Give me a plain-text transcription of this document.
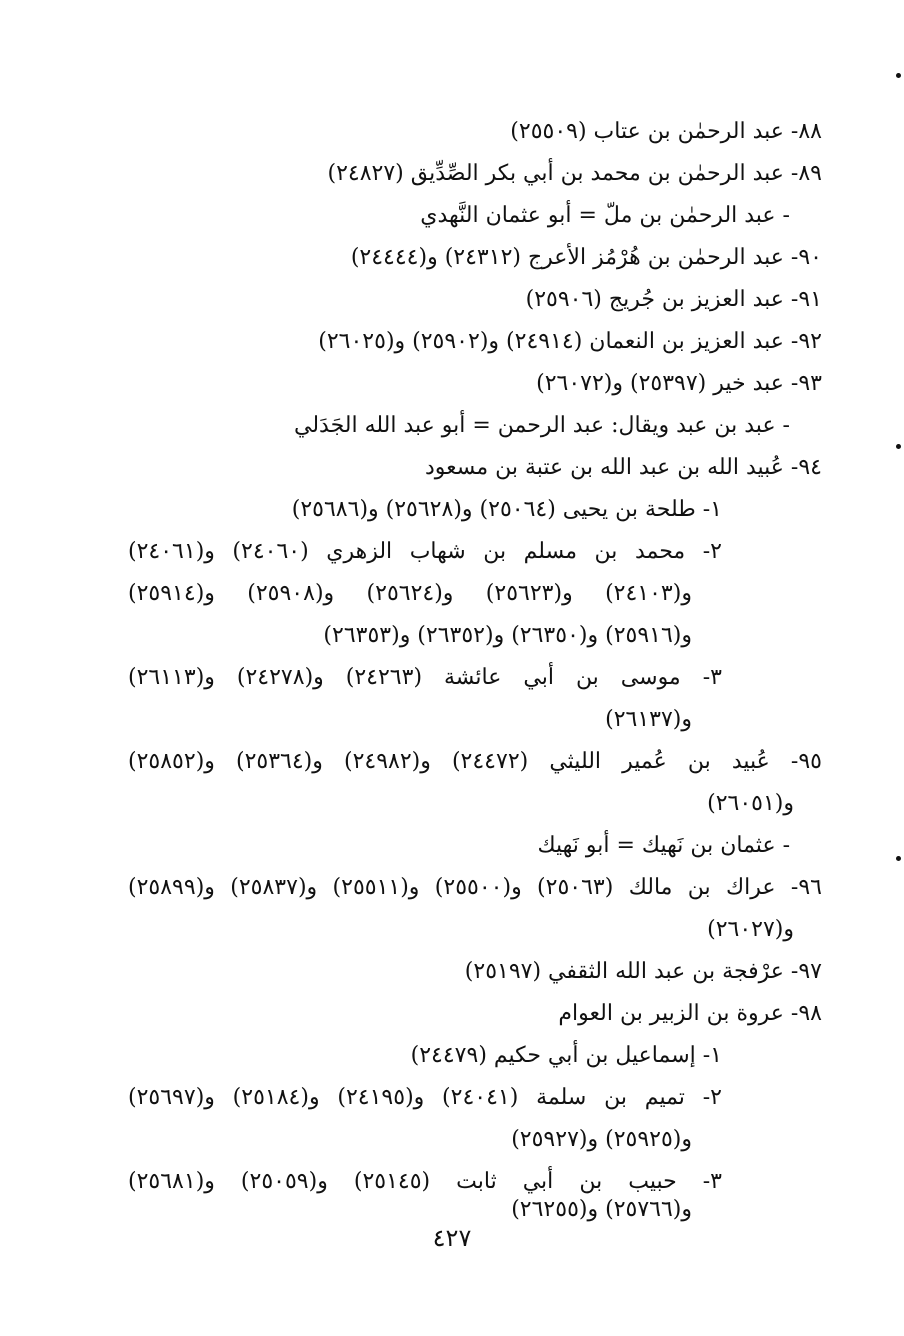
٨٨- عبد الرحمٰن بن عتاب (٢٥٥٠٩)
٨٩- عبد الرحمٰن بن محمد بن أبي بكر الصِّدِّيق (٢٤٨٢٧)
- عبد الرحمٰن بن ملّ = أبو عثمان النَّهدي
٩٠- عبد الرحمٰن بن هُرْمُز الأعرج (٢٤٣١٢) و(٢٤٤٤٤)
٩١- عبد العزيز بن جُريج (٢٥٩٠٦)
٩٢- عبد العزيز بن النعمان (٢٤٩١٤) و(٢٥٩٠٢) و(٢٦٠٢٥)
٩٣- عبد خير (٢٥٣٩٧) و(٢٦٠٧٢)
- عبد بن عبد ويقال: عبد الرحمن = أبو عبد الله الجَدَلي
٩٤- عُبيد الله بن عبد الله بن عتبة بن مسعود
١- طلحة بن يحيى (٢٥٠٦٤) و(٢٥٦٢٨) و(٢٥٦٨٦)
٢- محمد بن مسلم بن شهاب الزهري (٢٤٠٦٠) و(٢٤٠٦١)
و(٢٤١٠٣) و(٢٥٦٢٣) و(٢٥٦٢٤) و(٢٥٩٠٨) و(٢٥٩١٤)
و(٢٥٩١٦) و(٢٦٣٥٠) و(٢٦٣٥٢) و(٢٦٣٥٣)
٣- موسى بن أبي عائشة (٢٤٢٦٣) و(٢٤٢٧٨) و(٢٦١١٣)
و(٢٦١٣٧)
٩٥- عُبيد بن عُمير الليثي (٢٤٤٧٢) و(٢٤٩٨٢) و(٢٥٣٦٤) و(٢٥٨٥٢)
و(٢٦٠٥١)
- عثمان بن نَهيك = أبو نَهيك
٩٦- عراك بن مالك (٢٥٠٦٣) و(٢٥٥٠٠) و(٢٥٥١١) و(٢٥٨٣٧) و(٢٥٨٩٩)
و(٢٦٠٢٧)
٩٧- عرْفجة بن عبد الله الثقفي (٢٥١٩٧)
٩٨- عروة بن الزبير بن العوام
١- إسماعيل بن أبي حكيم (٢٤٤٧٩)
٢- تميم بن سلمة (٢٤٠٤١) و(٢٤١٩٥) و(٢٥١٨٤) و(٢٥٦٩٧)
و(٢٥٩٢٥) و(٢٥٩٢٧)
٣- حبيب بن أبي ثابت (٢٥١٤٥) و(٢٥٠٥٩) و(٢٥٦٨١)
و(٢٥٧٦٦) و(٢٦٢٥٥)
٤٢٧
